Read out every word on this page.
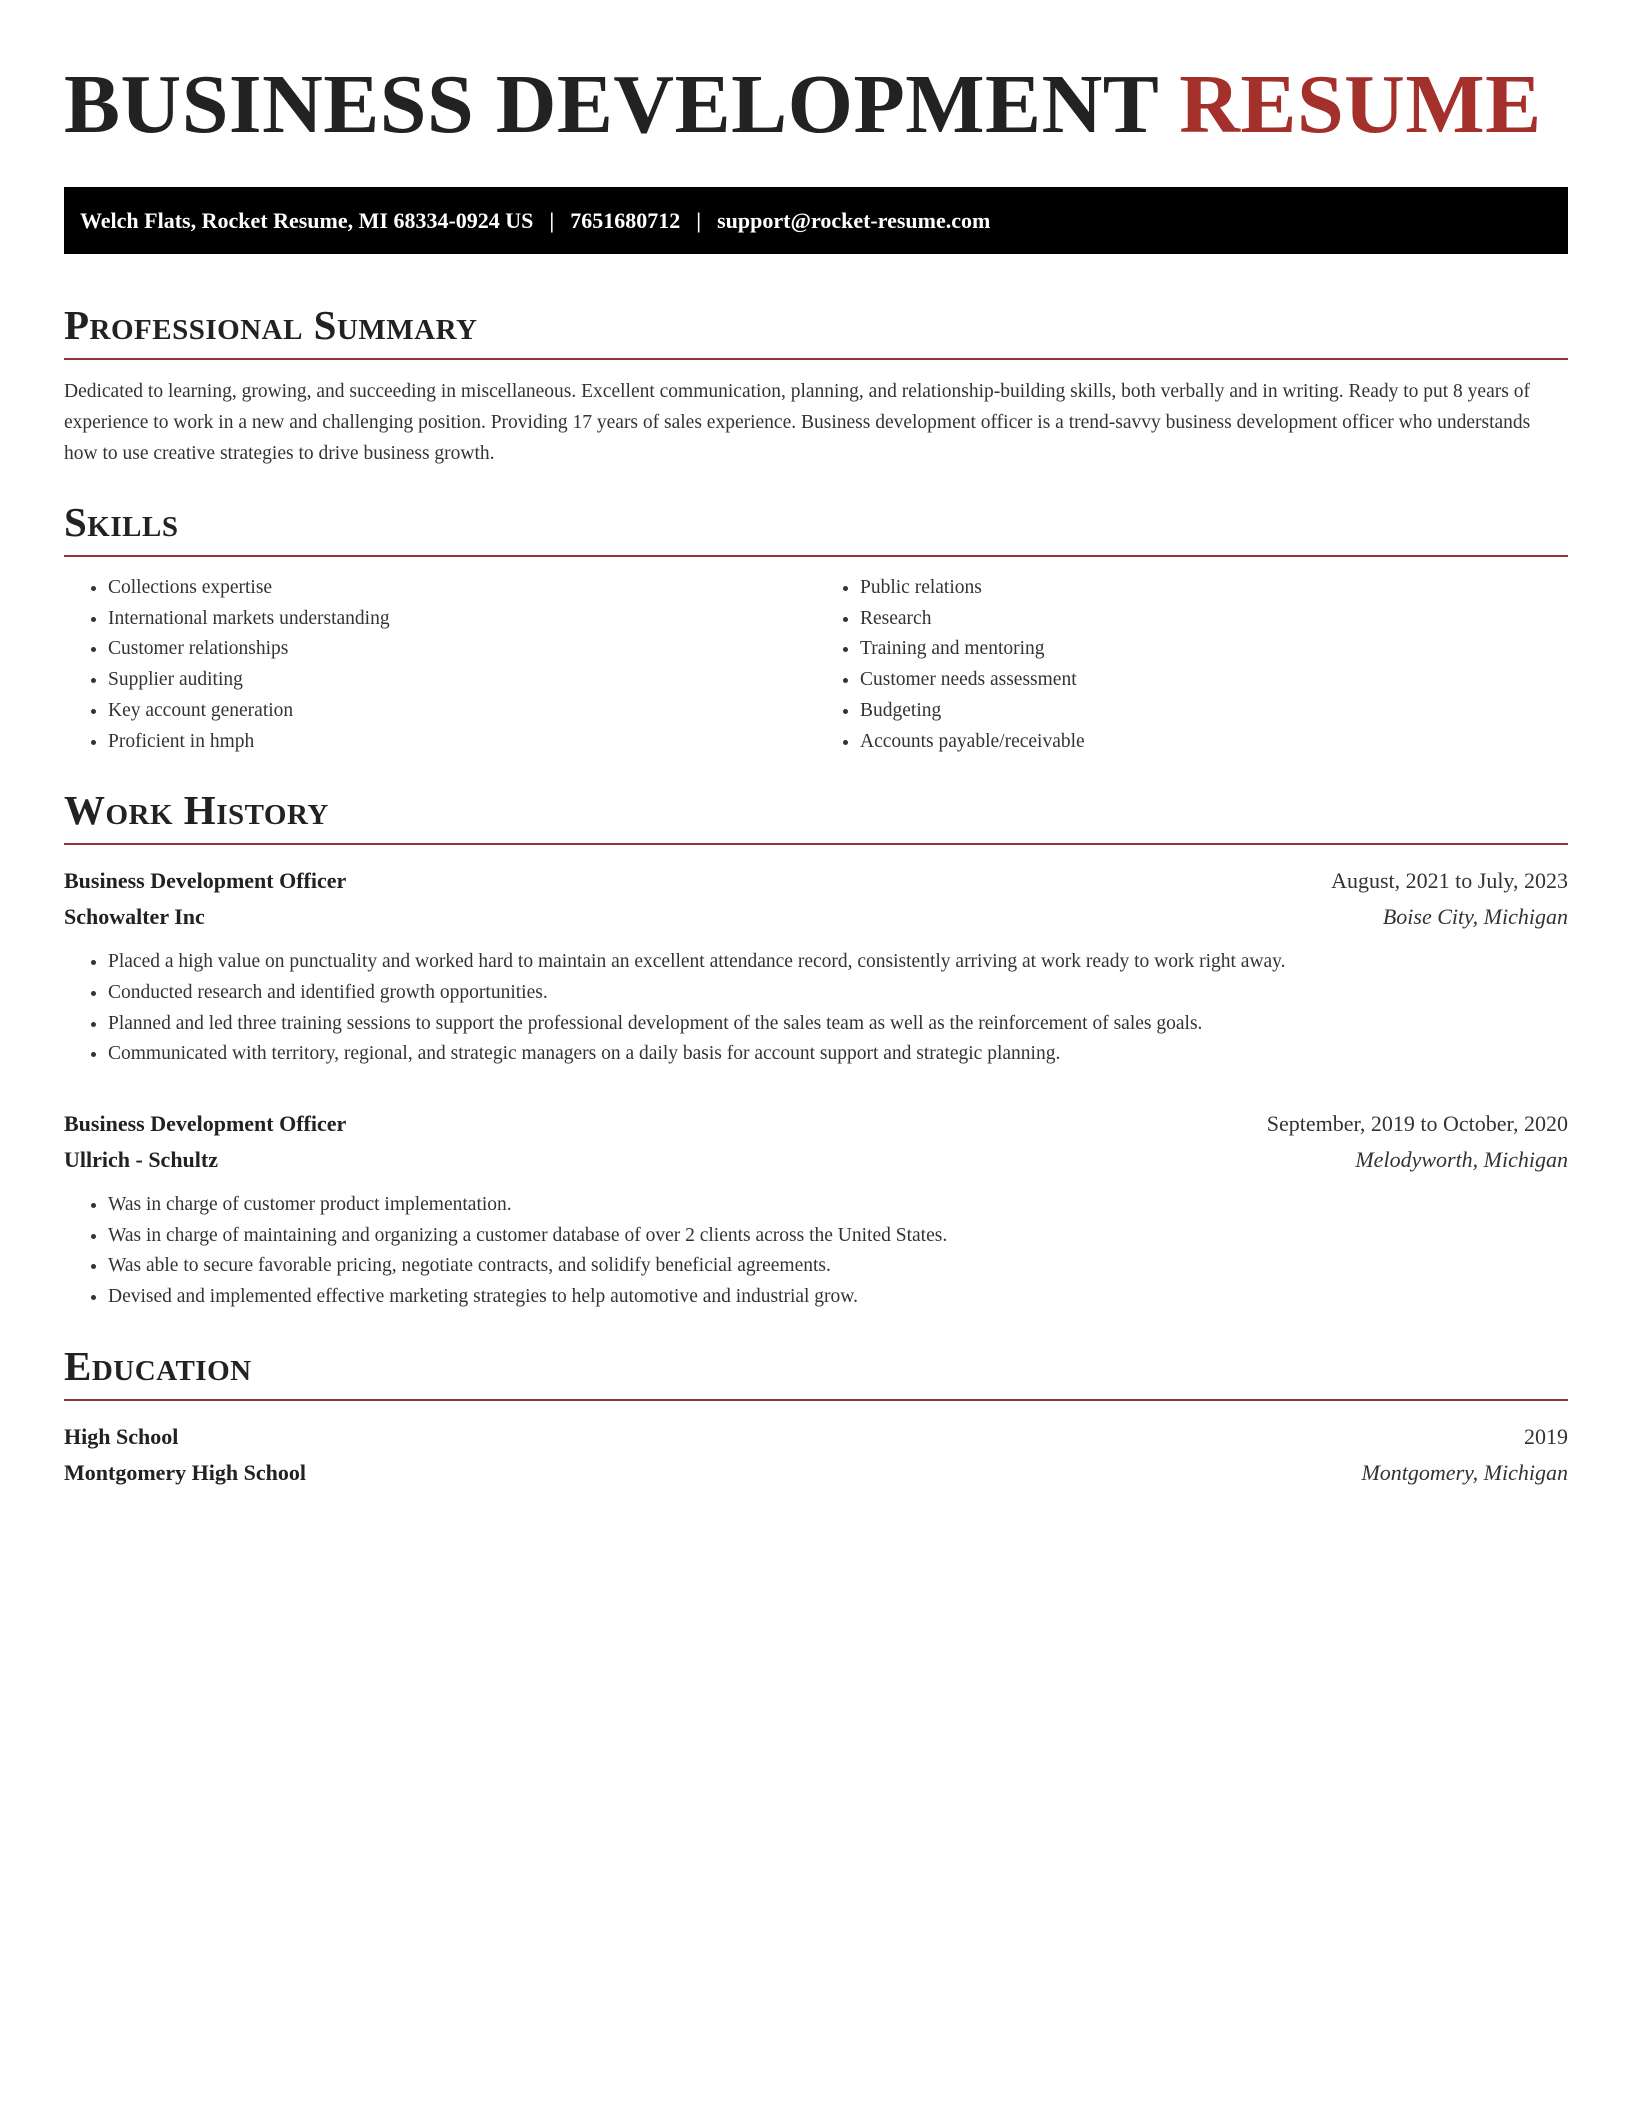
BUSINESS DEVELOPMENT RESUME
Welch Flats, Rocket Resume, MI 68334-0924 US | 7651680712 | support@rocket-resume.com
Professional Summary

Dedicated to learning, growing, and succeeding in miscellaneous. Excellent communication, planning, and relationship-building skills, both verbally and in writing. Ready to put 8 years of experience to work in a new and challenging position. Providing 17 years of sales experience. Business development officer is a trend-savvy business development officer who understands how to use creative strategies to drive business growth.

Skills
• Collections expertise
• International markets understanding
• Customer relationships
• Supplier auditing
• Key account generation
• Proficient in hmph
• Public relations
• Research
• Training and mentoring
• Customer needs assessment
• Budgeting
• Accounts payable/receivable
Work History
Business Development Officer	August, 2021 to July, 2023
Schowalter Inc	Boise City, Michigan
• Placed a high value on punctuality and worked hard to maintain an excellent attendance record, consistently arriving at work ready to work right away.
• Conducted research and identified growth opportunities.
• Planned and led three training sessions to support the professional development of the sales team as well as the reinforcement of sales goals.
• Communicated with territory, regional, and strategic managers on a daily basis for account support and strategic planning.
Business Development Officer	September, 2019 to October, 2020
Ullrich - Schultz	Melodyworth, Michigan
• Was in charge of customer product implementation.
• Was in charge of maintaining and organizing a customer database of over 2 clients across the United States.
• Was able to secure favorable pricing, negotiate contracts, and solidify beneficial agreements.
• Devised and implemented effective marketing strategies to help automotive and industrial grow.
Education
High School	2019
Montgomery High School	Montgomery, Michigan
